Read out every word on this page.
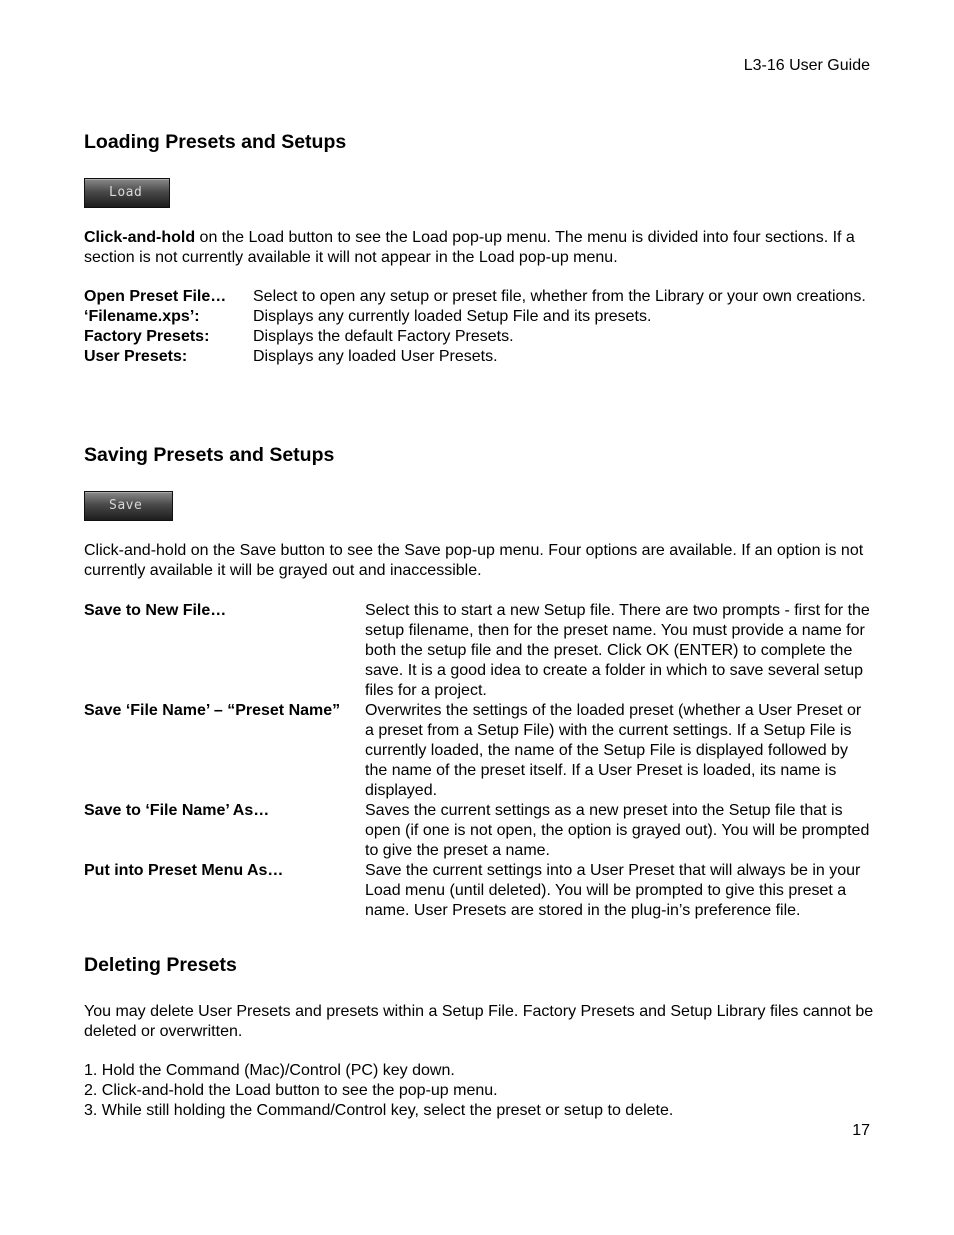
L3-16 User Guide
Loading Presets and Setups
Load
Click-and-hold on the Load button to see the Load pop-up menu. The menu is divided into four sections. If a section is not currently available it will not appear in the Load pop-up menu.
Open Preset File…	Select to open any setup or preset file, whether from the Library or your own creations.
‘Filename.xps’:	Displays any currently loaded Setup File and its presets.
Factory Presets:	Displays the default Factory Presets.
User Presets:	Displays any loaded User Presets.
Saving Presets and Setups
Save
Click-and-hold on the Save button to see the Save pop-up menu. Four options are available. If an option is not currently available it will be grayed out and inaccessible.
Save to New File…	Select this to start a new Setup file. There are two prompts - first for the setup filename, then for the preset name. You must provide a name for both the setup file and the preset. Click OK (ENTER) to complete the save. It is a good idea to create a folder in which to save several setup files for a project.
Save ‘File Name’ – “Preset Name”	Overwrites the settings of the loaded preset (whether a User Preset or a preset from a Setup File) with the current settings. If a Setup File is currently loaded, the name of the Setup File is displayed followed by the name of the preset itself. If a User Preset is loaded, its name is displayed.
Save to ‘File Name’ As…	Saves the current settings as a new preset into the Setup file that is open (if one is not open, the option is grayed out). You will be prompted to give the preset a name.
Put into Preset Menu As…	Save the current settings into a User Preset that will always be in your Load menu (until deleted). You will be prompted to give this preset a name. User Presets are stored in the plug-in’s preference file.
Deleting Presets
You may delete User Presets and presets within a Setup File. Factory Presets and Setup Library files cannot be deleted or overwritten.
1. Hold the Command (Mac)/Control (PC) key down.
2. Click-and-hold the Load button to see the pop-up menu.
3. While still holding the Command/Control key, select the preset or setup to delete.
17
